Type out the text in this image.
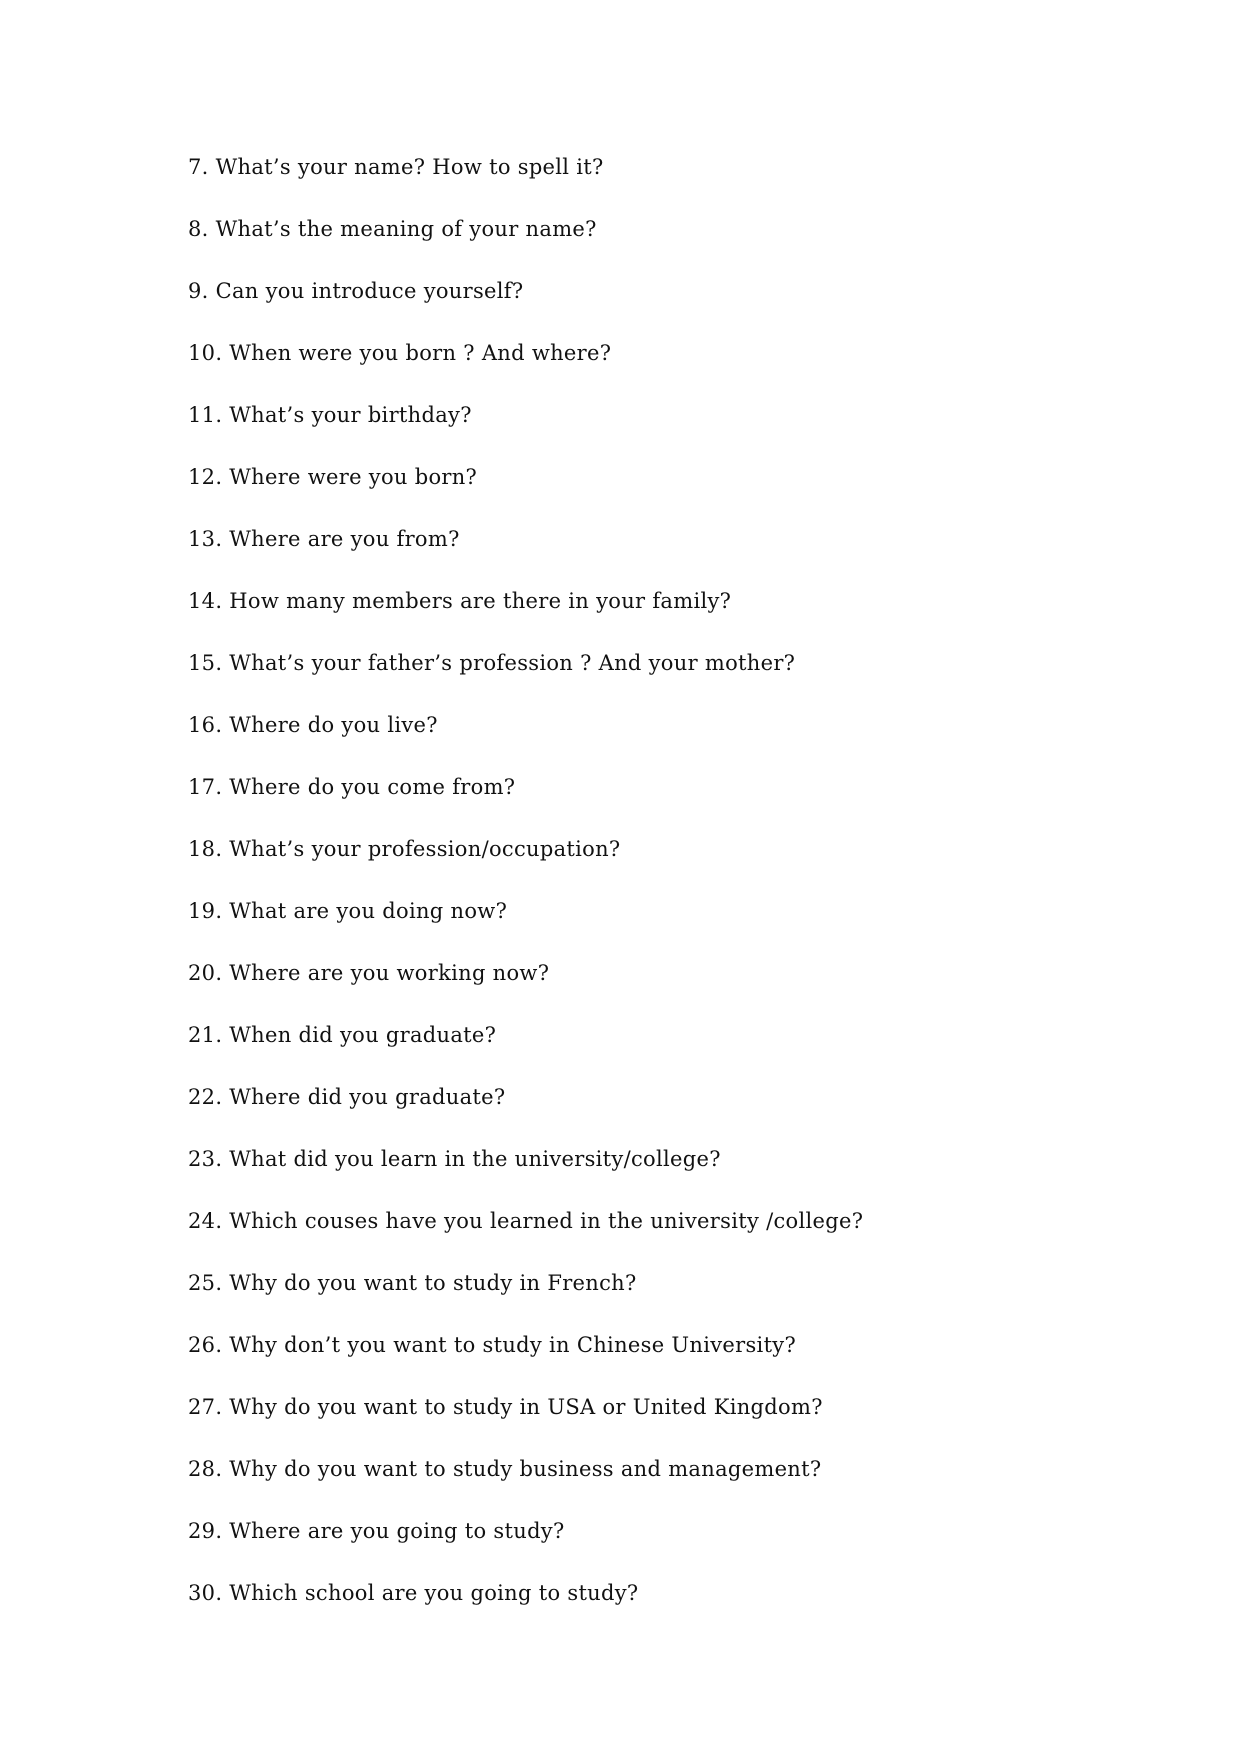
7. What’s your name? How to spell it?
8. What’s the meaning of your name?
9. Can you introduce yourself?
10. When were you born ? And where?
11. What’s your birthday?
12. Where were you born?
13. Where are you from?
14. How many members are there in your family?
15. What’s your father’s profession ? And your mother?
16. Where do you live?
17. Where do you come from?
18. What’s your profession/occupation?
19. What are you doing now?
20. Where are you working now?
21. When did you graduate?
22. Where did you graduate?
23. What did you learn in the university/college?
24. Which couses have you learned in the university /college?
25. Why do you want to study in French?
26. Why don’t you want to study in Chinese University?
27. Why do you want to study in USA or United Kingdom?
28. Why do you want to study business and management?
29. Where are you going to study?
30. Which school are you going to study?
